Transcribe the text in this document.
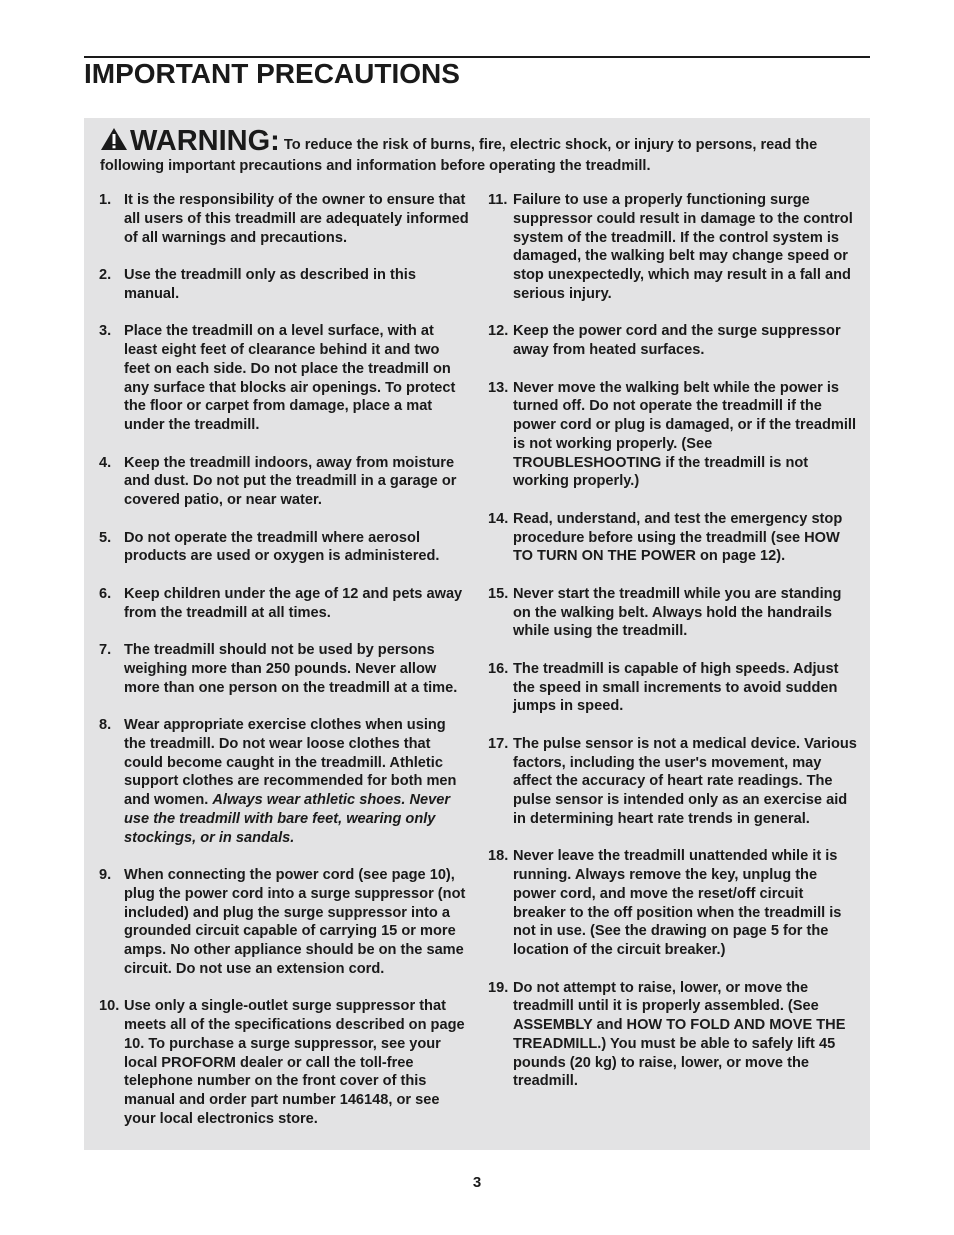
IMPORTANT PRECAUTIONS
WARNING: To reduce the risk of burns, fire, electric shock, or injury to persons, read the following important precautions and information before operating the treadmill.
1. It is the responsibility of the owner to ensure that all users of this treadmill are adequately informed of all warnings and precautions.
2. Use the treadmill only as described in this manual.
3. Place the treadmill on a level surface, with at least eight feet of clearance behind it and two feet on each side. Do not place the treadmill on any surface that blocks air openings. To protect the floor or carpet from damage, place a mat under the treadmill.
4. Keep the treadmill indoors, away from moisture and dust. Do not put the treadmill in a garage or covered patio, or near water.
5. Do not operate the treadmill where aerosol products are used or oxygen is administered.
6. Keep children under the age of 12 and pets away from the treadmill at all times.
7. The treadmill should not be used by persons weighing more than 250 pounds. Never allow more than one person on the treadmill at a time.
8. Wear appropriate exercise clothes when using the treadmill. Do not wear loose clothes that could become caught in the treadmill. Athletic support clothes are recommended for both men and women. Always wear athletic shoes. Never use the treadmill with bare feet, wearing only stockings, or in sandals.
9. When connecting the power cord (see page 10), plug the power cord into a surge suppressor (not included) and plug the surge suppressor into a grounded circuit capable of carrying 15 or more amps. No other appliance should be on the same circuit. Do not use an extension cord.
10. Use only a single-outlet surge suppressor that meets all of the specifications described on page 10. To purchase a surge suppressor, see your local PROFORM dealer or call the toll-free telephone number on the front cover of this manual and order part number 146148, or see your local electronics store.
11. Failure to use a properly functioning surge suppressor could result in damage to the control system of the treadmill. If the control system is damaged, the walking belt may change speed or stop unexpectedly, which may result in a fall and serious injury.
12. Keep the power cord and the surge suppressor away from heated surfaces.
13. Never move the walking belt while the power is turned off. Do not operate the treadmill if the power cord or plug is damaged, or if the treadmill is not working properly. (See TROUBLESHOOTING if the treadmill is not working properly.)
14. Read, understand, and test the emergency stop procedure before using the treadmill (see HOW TO TURN ON THE POWER on page 12).
15. Never start the treadmill while you are standing on the walking belt. Always hold the handrails while using the treadmill.
16. The treadmill is capable of high speeds. Adjust the speed in small increments to avoid sudden jumps in speed.
17. The pulse sensor is not a medical device. Various factors, including the user's movement, may affect the accuracy of heart rate readings. The pulse sensor is intended only as an exercise aid in determining heart rate trends in general.
18. Never leave the treadmill unattended while it is running. Always remove the key, unplug the power cord, and move the reset/off circuit breaker to the off position when the treadmill is not in use. (See the drawing on page 5 for the location of the circuit breaker.)
19. Do not attempt to raise, lower, or move the treadmill until it is properly assembled. (See ASSEMBLY and HOW TO FOLD AND MOVE THE TREADMILL.) You must be able to safely lift 45 pounds (20 kg) to raise, lower, or move the treadmill.
3
